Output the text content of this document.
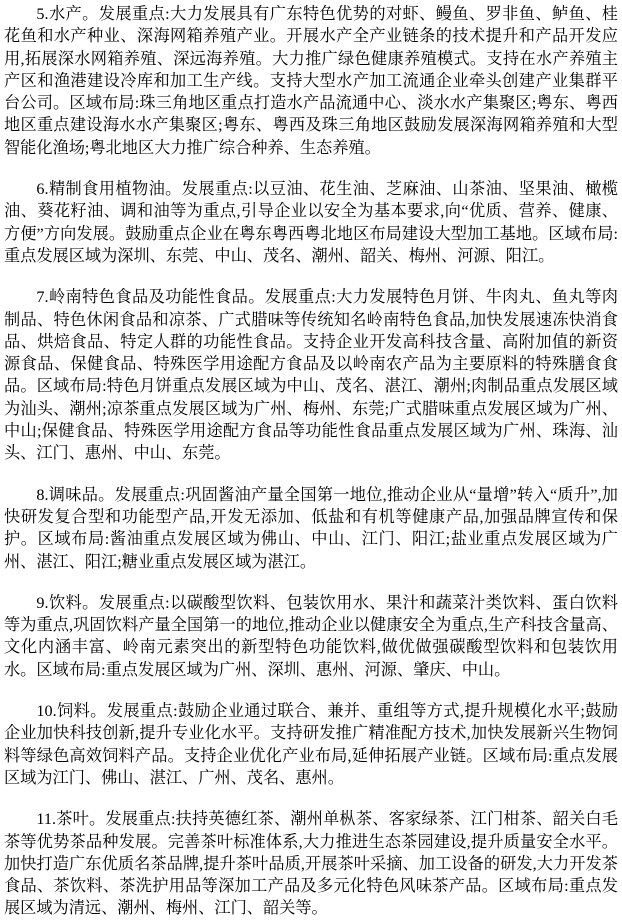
5.水产。发展重点:大力发展具有广东特色优势的对虾、鳗鱼、罗非鱼、鲈鱼、桂花鱼和水产种业、深海网箱养殖产业。开展水产全产业链条的技术提升和产品开发应用,拓展深水网箱养殖、深远海养殖。大力推广绿色健康养殖模式。支持在水产养殖主产区和渔港建设冷库和加工生产线。支持大型水产加工流通企业牵头创建产业集群平台公司。区域布局:珠三角地区重点打造水产品流通中心、淡水水产集聚区;粤东、粤西地区重点建设海水水产集聚区;粤东、粤西及珠三角地区鼓励发展深海网箱养殖和大型智能化渔场;粤北地区大力推广综合种养、生态养殖。

6.精制食用植物油。发展重点:以豆油、花生油、芝麻油、山茶油、坚果油、橄榄油、葵花籽油、调和油等为重点,引导企业以安全为基本要求,向“优质、营养、健康、方便”方向发展。鼓励重点企业在粤东粤西粤北地区布局建设大型加工基地。区域布局:重点发展区域为深圳、东莞、中山、茂名、潮州、韶关、梅州、河源、阳江。

7.岭南特色食品及功能性食品。发展重点:大力发展特色月饼、牛肉丸、鱼丸等肉制品、特色休闲食品和凉茶、广式腊味等传统知名岭南特色食品,加快发展速冻快消食品、烘焙食品、特定人群的功能性食品。支持企业开发高科技含量、高附加值的新资源食品、保健食品、特殊医学用途配方食品及以岭南农产品为主要原料的特殊膳食食品。区域布局:特色月饼重点发展区域为中山、茂名、湛江、潮州;肉制品重点发展区域为汕头、潮州;凉茶重点发展区域为广州、梅州、东莞;广式腊味重点发展区域为广州、中山;保健食品、特殊医学用途配方食品等功能性食品重点发展区域为广州、珠海、汕头、江门、惠州、中山、东莞。

8.调味品。发展重点:巩固酱油产量全国第一地位,推动企业从“量增”转入“质升”,加快研发复合型和功能型产品,开发无添加、低盐和有机等健康产品,加强品牌宣传和保护。区域布局:酱油重点发展区域为佛山、中山、江门、阳江;盐业重点发展区域为广州、湛江、阳江;糖业重点发展区域为湛江。

9.饮料。发展重点:以碳酸型饮料、包装饮用水、果汁和蔬菜汁类饮料、蛋白饮料等为重点,巩固饮料产量全国第一的地位,推动企业以健康安全为重点,生产科技含量高、文化内涵丰富、岭南元素突出的新型特色功能饮料,做优做强碳酸型饮料和包装饮用水。区域布局:重点发展区域为广州、深圳、惠州、河源、肇庆、中山。

10.饲料。发展重点:鼓励企业通过联合、兼并、重组等方式,提升规模化水平;鼓励企业加快科技创新,提升专业化水平。支持研发推广精准配方技术,加快发展新兴生物饲料等绿色高效饲料产品。支持企业优化产业布局,延伸拓展产业链。区域布局:重点发展区域为江门、佛山、湛江、广州、茂名、惠州。

11.茶叶。发展重点:扶持英德红茶、潮州单枞茶、客家绿茶、江门柑茶、韶关白毛茶等优势茶品种发展。完善茶叶标准体系,大力推进生态茶园建设,提升质量安全水平。加快打造广东优质名茶品牌,提升茶叶品质,开展茶叶采摘、加工设备的研发,大力开发茶食品、茶饮料、茶洗护用品等深加工产品及多元化特色风味茶产品。区域布局:重点发展区域为清远、潮州、梅州、江门、韶关等。
